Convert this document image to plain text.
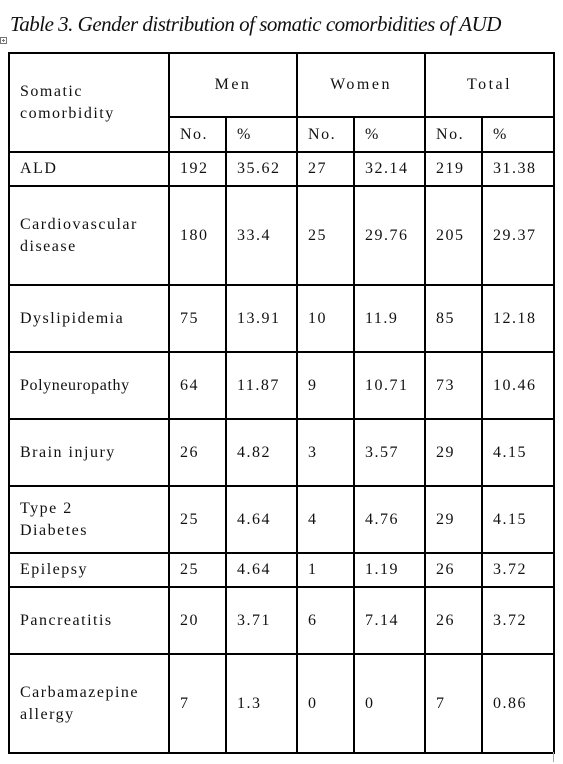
Table 3. Gender distribution of somatic comorbidities of AUD
Somatic comorbidity	Men		Women		Total	
	No.	%	No.	%	No.	%
ALD	192	35.62	27	32.14	219	31.38
Cardiovascular disease	180	33.4	25	29.76	205	29.37
Dyslipidemia	75	13.91	10	11.9	85	12.18
Polyneuropathy	64	11.87	9	10.71	73	10.46
Brain injury	26	4.82	3	3.57	29	4.15
Type 2 Diabetes	25	4.64	4	4.76	29	4.15
Epilepsy	25	4.64	1	1.19	26	3.72
Pancreatitis	20	3.71	6	7.14	26	3.72
Carbamazepine allergy	7	1.3	0	0	7	0.86
